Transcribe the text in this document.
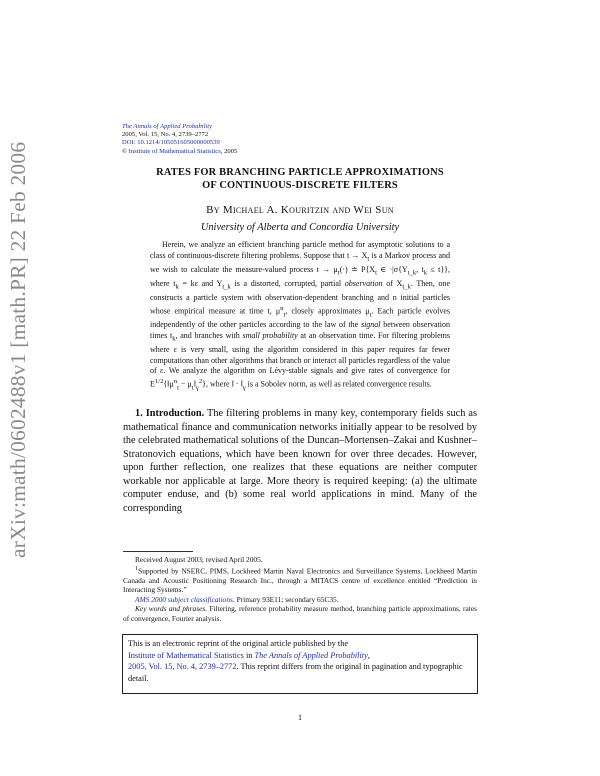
arXiv:math/0602488v1 [math.PR] 22 Feb 2006
The Annals of Applied Probability
2005, Vol. 15, No. 4, 2739–2772
DOI: 10.1214/105051605000000539
© Institute of Mathematical Statistics, 2005
RATES FOR BRANCHING PARTICLE APPROXIMATIONS
OF CONTINUOUS-DISCRETE FILTERS
By Michael A. Kouritzin and Wei Sun
University of Alberta and Concordia University
Herein, we analyze an efficient branching particle method for asymptotic solutions to a class of continuous-discrete filtering problems. Suppose that $t \to X_t$ is a Markov process and we wish to calculate the measure-valued process $t \to \mu_t(\cdot)$ ≐ $P\{X_t$ ∈ $\cdot|\sigma\{Y_{t\_k}$, $t_k \le t$}}, where $t_k = k\varepsilon$ and $Y_{t\_k}$ is a distorted, corrupted, partial observation of $X_{t\_k}$. Then, one constructs a particle system with observation-dependent branching and n initial particles whose empirical measure at time t, $\mu^n_t$, closely approximates $\mu_t$. Each particle evolves independently of the other particles according to the law of the signal between observation times $t_k$, and branches with small probability at an observation time. For filtering problems where ε is very small, using the algorithm considered in this paper requires far fewer computations than other algorithms that branch or interact all particles regardless of the value of ε. We analyze the algorithm on Lévy-stable signals and give rates of convergence for $E^{1/2}\{‖\mu^n_t$ − $\mu_t‖_\gamma^2$}, where ‖ · $‖_\gamma$ is a Sobolev norm, as well as related convergence results.
1. Introduction. The filtering problems in many key, contemporary fields such as mathematical finance and communication networks initially appear to be resolved by the celebrated mathematical solutions of the Duncan–Mortensen–Zakai and Kushner–Stratonovich equations, which have been known for over three decades. However, upon further reflection, one realizes that these equations are neither computer workable nor applicable at large. More theory is required keeping: (a) the ultimate computer enduse, and (b) some real world applications in mind. Many of the corresponding

Received August 2003; revised April 2005.

$^1$Supported by NSERC, PIMS, Lockheed Martin Naval Electronics and Surveillance Systems, Lockheed Martin Canada and Acoustic Positioning Research Inc., through a MITACS centre of excellence entitled “Prediction in Interacting Systems.”

AMS 2000 subject classifications. Primary 93E11; secondary 65C35.

Key words and phrases. Filtering, reference probability measure method, branching particle approximations, rates of convergence, Fourier analysis.

This is an electronic reprint of the original article published by the
Institute of Mathematical Statistics in The Annals of Applied Probability,
2005, Vol. 15, No. 4, 2739–2772. This reprint differs from the original in pagination and typographic detail.
1
